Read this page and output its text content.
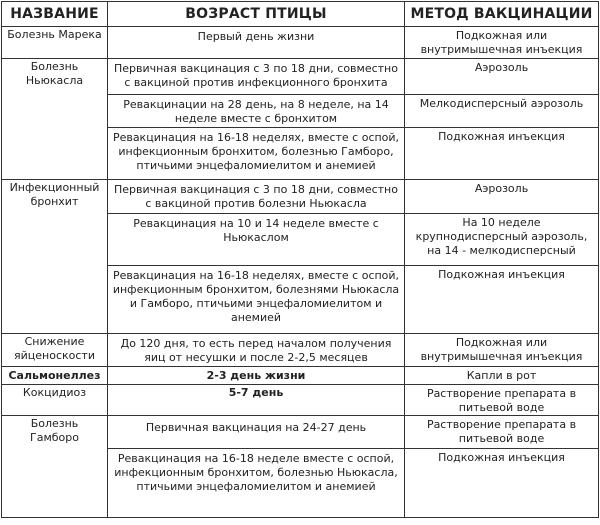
НАЗВАНИЕ	ВОЗРАСТ ПТИЦЫ	МЕТОД ВАКЦИНАЦИИ
Болезнь Марека	Первый день жизни	Подкожная или внутримышечная инъекция
Болезнь Ньюкасла	Первичная вакцинация с 3 по 18 дни, совместно с вакциной против инфекционного бронхита	Аэрозоль
	Ревакцинации на 28 день, на 8 неделе, на 14 неделе вместе с бронхитом	Мелкодисперсный аэрозоль
	Ревакцинация на 16-18 неделях, вместе с оспой, инфекционным бронхитом, болезнью Гамборо, птичьими энцефаломиелитом и анемией	Подкожная инъекция
Инфекционный бронхит	Первичная вакцинация с 3 по 18 дни, совместно с вакциной против болезни Ньюкасла	Аэрозоль
	Ревакцинация на 10 и 14 неделе вместе с Ньюкаслом	На 10 неделе крупнодисперсный аэрозоль, на 14 - мелкодисперсный
	Ревакцинация на 16-18 неделях, вместе с оспой, инфекционным бронхитом, болезнями Ньюкасла и Гамборо, птичьими энцефаломиелитом и анемией	Подкожная инъекция
Снижение яйценоскости	До 120 дня, то есть перед началом получения яиц от несушки и после 2-2,5 месяцев	Подкожная или внутримышечная инъекция
Сальмонеллез	2-3 день жизни	Капли в рот
Кокцидиоз	5-7 день	Растворение препарата в питьевой воде
Болезнь Гамборо	Первичная вакцинация на 24-27 день	Растворение препарата в питьевой воде
	Ревакцинация на 16-18 неделе вместе с оспой, инфекционным бронхитом, болезнью Ньюкасла, птичьими энцефаломиелитом и анемией	Подкожная инъекция
